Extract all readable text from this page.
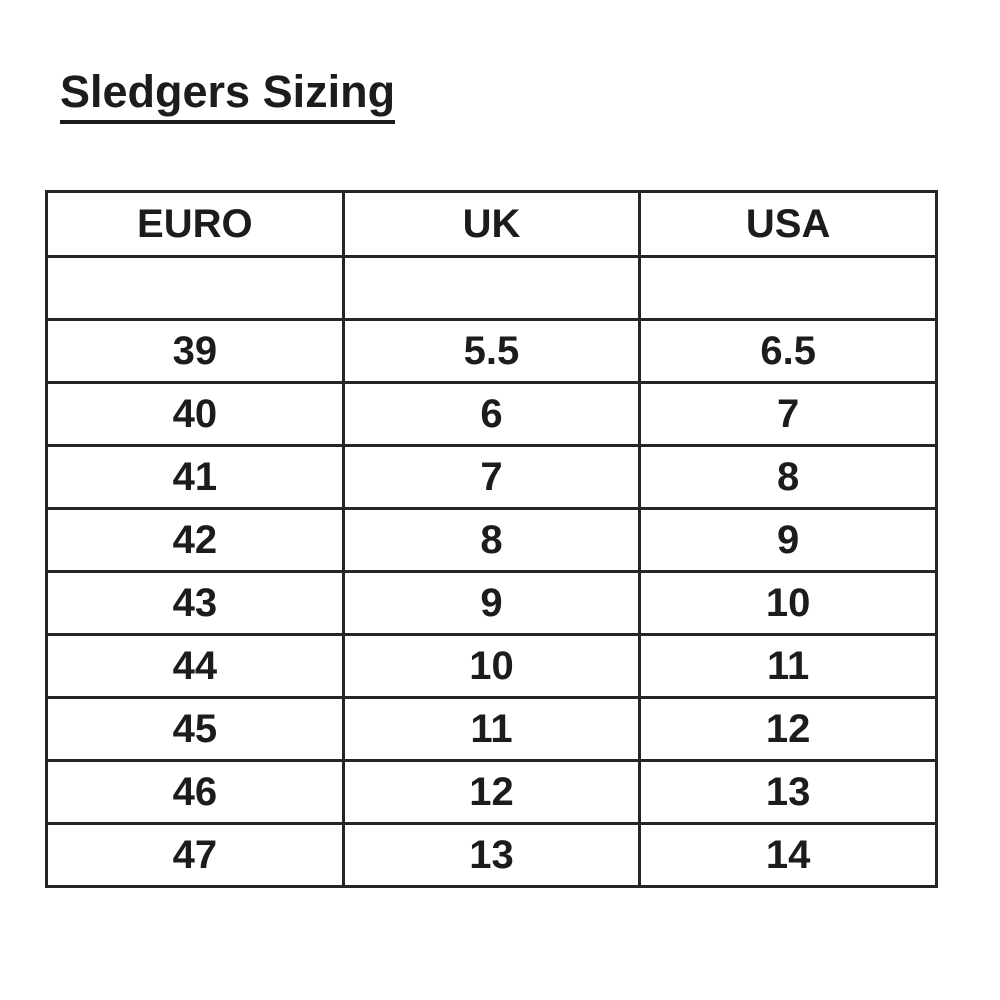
Sledgers Sizing
EURO	UK	USA

39	5.5	6.5
40	6	7
41	7	8
42	8	9
43	9	10
44	10	11
45	11	12
46	12	13
47	13	14
